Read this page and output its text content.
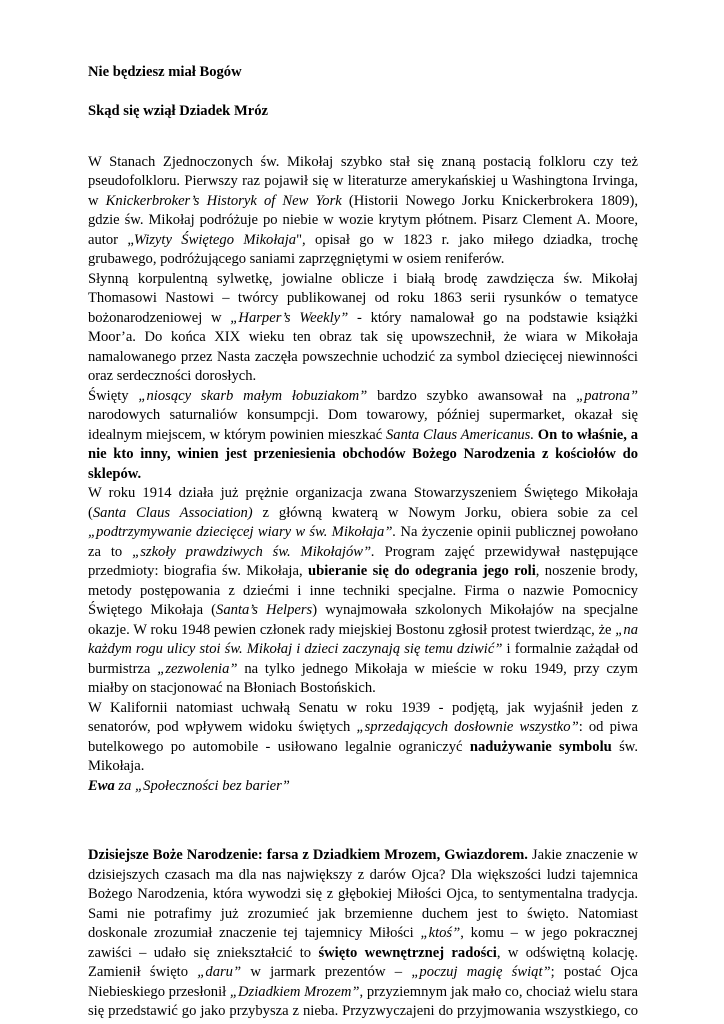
Nie będziesz miał Bogów
Skąd się wziął Dziadek Mróz
W Stanach Zjednoczonych św. Mikołaj szybko stał się znaną postacią folkloru czy też
pseudofolkloru. Pierwszy raz pojawił się w literaturze amerykańskiej u Washingtona Irvinga,
w Knickerbroker’s Historyk of New York (Historii Nowego Jorku Knickerbrokera 1809),
gdzie św. Mikołaj podróżuje po niebie w wozie krytym płótnem. Pisarz Clement A. Moore,
autor „Wizyty Świętego Mikołaja", opisał go w 1823 r. jako miłego dziadka, trochę
grubawego, podróżującego saniami zaprzęgniętymi w osiem reniferów.
Słynną korpulentną sylwetkę, jowialne oblicze i białą brodę zawdzięcza św. Mikołaj
Thomasowi Nastowi – twórcy publikowanej od roku 1863 serii rysunków o tematyce
bożonarodzeniowej w „Harper’s Weekly” - który namalował go na podstawie książki
Moor’a. Do końca XIX wieku ten obraz tak się upowszechnił, że wiara w Mikołaja
namalowanego przez Nasta zaczęła powszechnie uchodzić za symbol dziecięcej niewinności
oraz serdeczności dorosłych.
Święty „niosący skarb małym łobuziakom” bardzo szybko awansował na „patrona”
narodowych saturnaliów konsumpcji. Dom towarowy, później supermarket, okazał się
idealnym miejscem, w którym powinien mieszkać Santa Claus Americanus. On to właśnie, a
nie kto inny, winien jest przeniesienia obchodów Bożego Narodzenia z kościołów do
sklepów.
W roku 1914 działa już prężnie organizacja zwana Stowarzyszeniem Świętego Mikołaja
(Santa Claus Association) z główną kwaterą w Nowym Jorku, obiera sobie za cel
„podtrzymywanie dziecięcej wiary w św. Mikołaja”. Na życzenie opinii publicznej powołano
za to „szkoły prawdziwych św. Mikołajów”. Program zajęć przewidywał następujące
przedmioty: biografia św. Mikołaja, ubieranie się do odegrania jego roli, noszenie brody,
metody postępowania z dziećmi i inne techniki specjalne. Firma o nazwie Pomocnicy
Świętego Mikołaja (Santa’s Helpers) wynajmowała szkolonych Mikołajów na specjalne
okazje. W roku 1948 pewien członek rady miejskiej Bostonu zgłosił protest twierdząc, że „na
każdym rogu ulicy stoi św. Mikołaj i dzieci zaczynają się temu dziwić” i formalnie zażądał od
burmistrza „zezwolenia” na tylko jednego Mikołaja w mieście w roku 1949, przy czym
miałby on stacjonować na Błoniach Bostońskich.
W Kalifornii natomiast uchwałą Senatu w roku 1939 - podjętą, jak wyjaśnił jeden z
senatorów, pod wpływem widoku świętych „sprzedających dosłownie wszystko”: od piwa
butelkowego po automobile - usiłowano legalnie ograniczyć nadużywanie symbolu św.
Mikołaja.
Ewa za „Społeczności bez barier”
Dzisiejsze Boże Narodzenie: farsa z Dziadkiem Mrozem, Gwiazdorem. Jakie znaczenie w
dzisiejszych czasach ma dla nas największy z darów Ojca? Dla większości ludzi tajemnica
Bożego Narodzenia, która wywodzi się z głębokiej Miłości Ojca, to sentymentalna tradycja.
Sami nie potrafimy już zrozumieć jak brzemienne duchem jest to święto. Natomiast
doskonale zrozumiał znaczenie tej tajemnicy Miłości „ktoś”, komu – w jego pokracznej
zawiści – udało się zniekształcić to święto wewnętrznej radości, w odświętną kolację.
Zamienił święto „daru” w jarmark prezentów – „poczuj magię świąt”; postać Ojca
Niebieskiego przesłonił „Dziadkiem Mrozem”, przyziemnym jak mało co, chociaż wielu stara
się przedstawić go jako przybysza z nieba. Przyzwyczajeni do przyjmowania wszystkiego, co
